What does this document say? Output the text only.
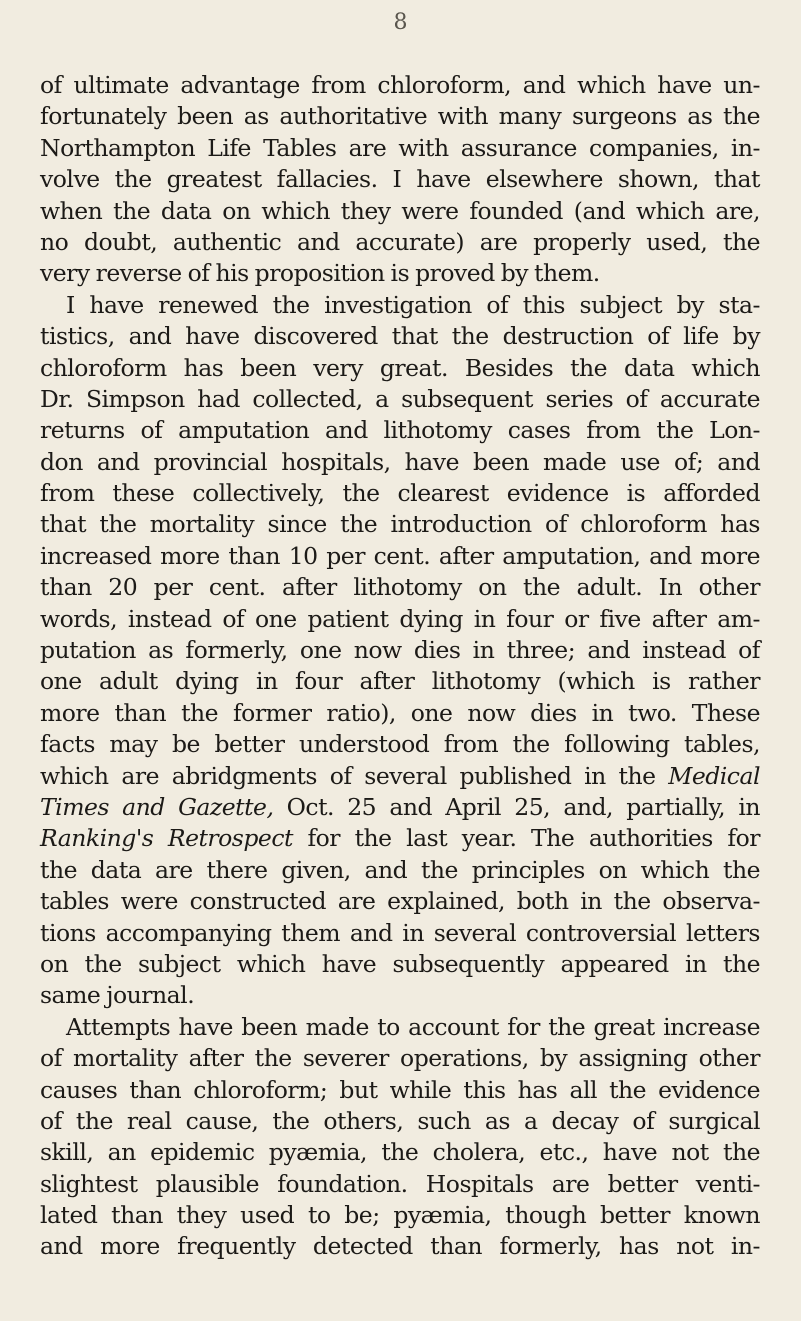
8
of ultimate advantage from chloroform, and which have un-
fortunately been as authoritative with many surgeons as the
Northampton Life Tables are with assurance companies, in-
volve the greatest fallacies. I have elsewhere shown, that
when the data on which they were founded (and which are,
no doubt, authentic and accurate) are properly used, the
very reverse of his proposition is proved by them.
I have renewed the investigation of this subject by sta-
tistics, and have discovered that the destruction of life by
chloroform has been very great. Besides the data which
Dr. Simpson had collected, a subsequent series of accurate
returns of amputation and lithotomy cases from the Lon-
don and provincial hospitals, have been made use of; and
from these collectively, the clearest evidence is afforded
that the mortality since the introduction of chloroform has
increased more than 10 per cent. after amputation, and more
than 20 per cent. after lithotomy on the adult. In other
words, instead of one patient dying in four or five after am-
putation as formerly, one now dies in three; and instead of
one adult dying in four after lithotomy (which is rather
more than the former ratio), one now dies in two. These
facts may be better understood from the following tables,
which are abridgments of several published in the Medical
Times and Gazette, Oct. 25 and April 25, and, partially, in
Ranking's Retrospect for the last year. The authorities for
the data are there given, and the principles on which the
tables were constructed are explained, both in the observa-
tions accompanying them and in several controversial letters
on the subject which have subsequently appeared in the
same journal.
Attempts have been made to account for the great increase
of mortality after the severer operations, by assigning other
causes than chloroform; but while this has all the evidence
of the real cause, the others, such as a decay of surgical
skill, an epidemic pyæmia, the cholera, etc., have not the
slightest plausible foundation. Hospitals are better venti-
lated than they used to be; pyæmia, though better known
and more frequently detected than formerly, has not in-
